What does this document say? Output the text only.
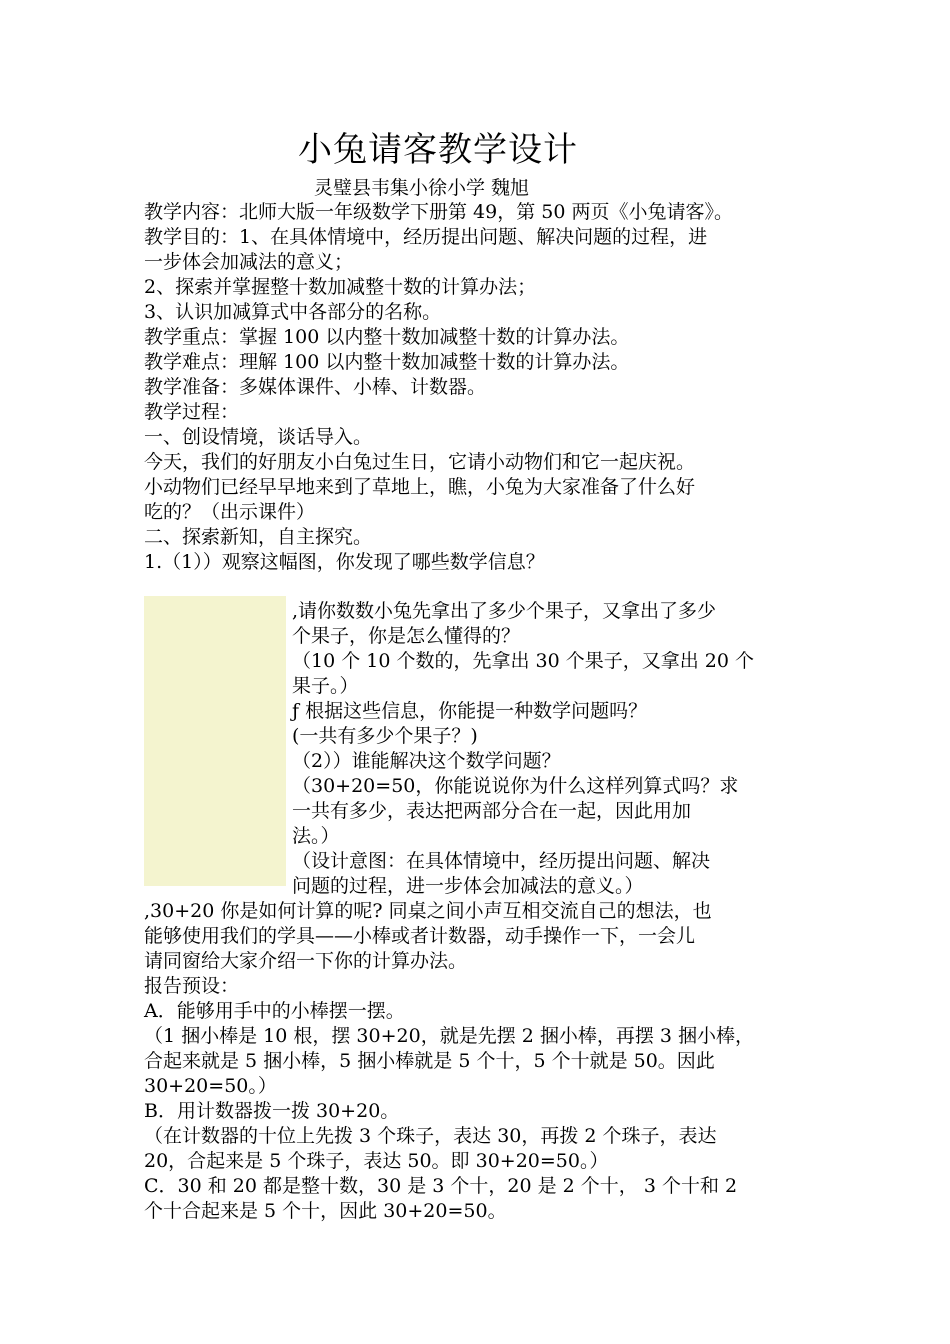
小兔请客教学设计
灵璧县韦集小徐小学 魏旭
教学内容：北师大版一年级数学下册第 49，第 50 两页《小兔请客》。
教学目的：1、在具体情境中，经历提出问题、解决问题的过程，进
一步体会加减法的意义；
2、探索并掌握整十数加减整十数的计算办法；
3、认识加减算式中各部分的名称。
教学重点：掌握 100 以内整十数加减整十数的计算办法。
教学难点：理解 100 以内整十数加减整十数的计算办法。
教学准备：多媒体课件、小棒、计数器。
教学过程：
一、创设情境，谈话导入。
今天，我们的好朋友小白兔过生日，它请小动物们和它一起庆祝。
小动物们已经早早地来到了草地上，瞧，小兔为大家准备了什么好
吃的？（出示课件）
二、探索新知，自主探究。
1.（1））观察这幅图，你发现了哪些数学信息？
,请你数数小兔先拿出了多少个果子，又拿出了多少
个果子，你是怎么懂得的？
（10 个 10 个数的，先拿出 30 个果子，又拿出 20 个
果子。）
ƒ 根据这些信息，你能提一种数学问题吗？
(一共有多少个果子？)
（2））谁能解决这个数学问题？
（30+20=50，你能说说你为什么这样列算式吗？求
一共有多少，表达把两部分合在一起，因此用加
法。）
（设计意图：在具体情境中，经历提出问题、解决
问题的过程，进一步体会加减法的意义。）
,30+20 你是如何计算的呢? 同桌之间小声互相交流自己的想法，也
能够使用我们的学具——小棒或者计数器，动手操作一下，一会儿
请同窗给大家介绍一下你的计算办法。
报告预设：
A．能够用手中的小棒摆一摆。
（1 捆小棒是 10 根，摆 30+20，就是先摆 2 捆小棒，再摆 3 捆小棒，
合起来就是 5 捆小棒，5 捆小棒就是 5 个十，5 个十就是 50。因此
30+20=50。）
B．用计数器拨一拨 30+20。
（在计数器的十位上先拨 3 个珠子，表达 30，再拨 2 个珠子，表达
20，合起来是 5 个珠子，表达 50。即 30+20=50。）
C．30 和 20 都是整十数，30 是 3 个十，20 是 2 个十， 3 个十和 2
个十合起来是 5 个十，因此 30+20=50。
